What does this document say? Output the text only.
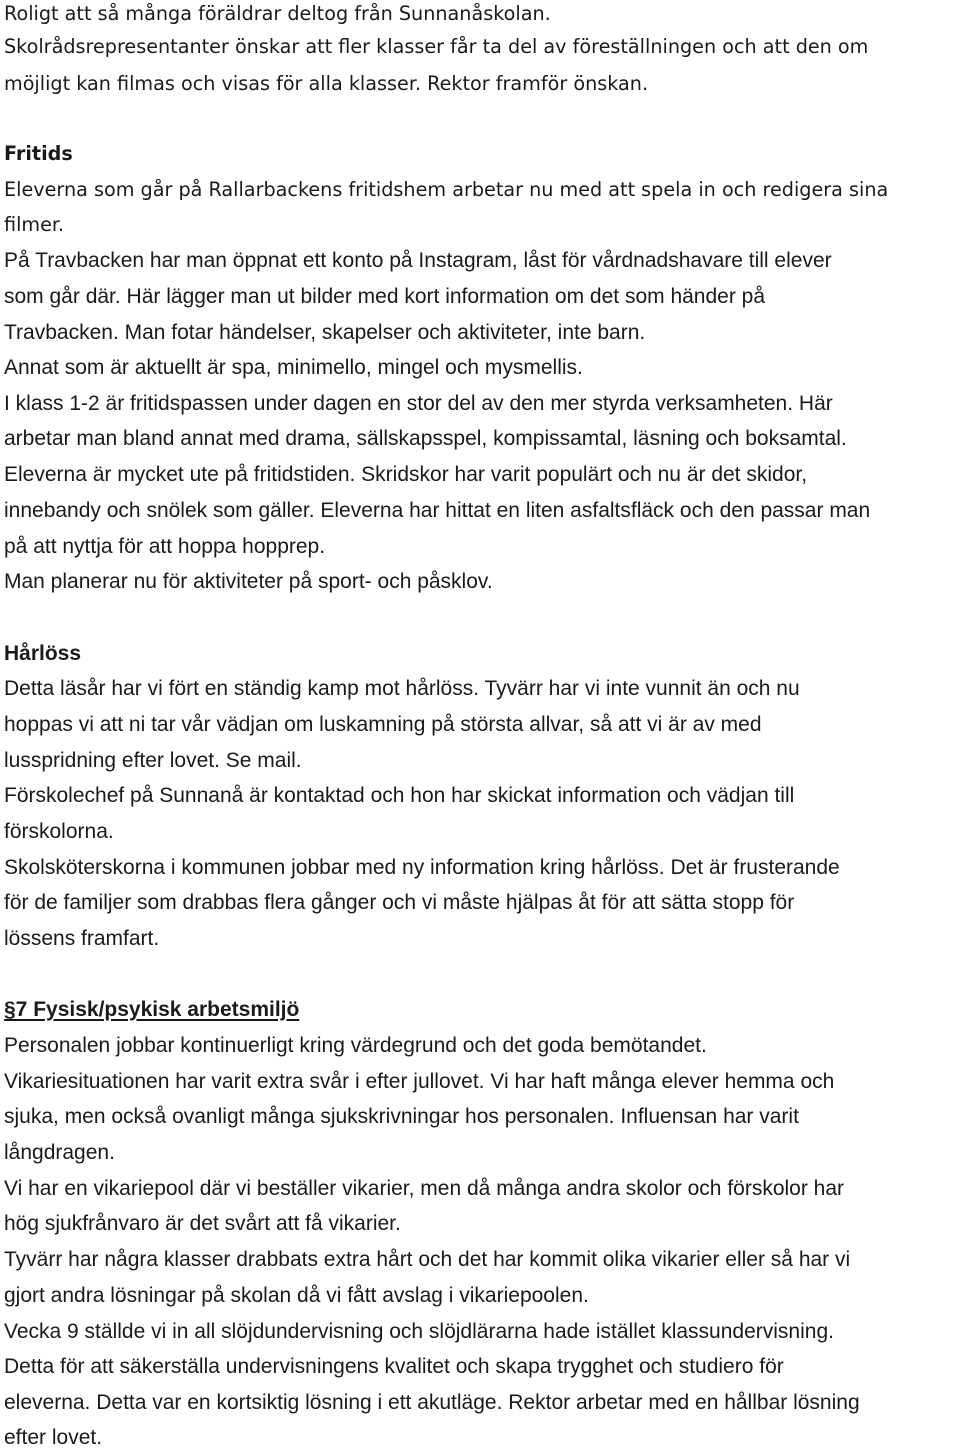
Roligt att så många föräldrar deltog från Sunnanåskolan.
Skolrådsrepresentanter önskar att fler klasser får ta del av föreställningen och att den om
möjligt kan filmas och visas för alla klasser. Rektor framför önskan.
Fritids
Eleverna som går på Rallarbackens fritidshem arbetar nu med att spela in och redigera sina
filmer.
På Travbacken har man öppnat ett konto på Instagram, låst för vårdnadshavare till elever
som går där. Här lägger man ut bilder med kort information om det som händer på
Travbacken. Man fotar händelser, skapelser och aktiviteter, inte barn.
Annat som är aktuellt är spa, minimello, mingel och mysmellis.
I klass 1-2 är fritidspassen under dagen en stor del av den mer styrda verksamheten. Här
arbetar man bland annat med drama, sällskapsspel, kompissamtal, läsning och boksamtal.
Eleverna är mycket ute på fritidstiden. Skridskor har varit populärt och nu är det skidor,
innebandy och snölek som gäller. Eleverna har hittat en liten asfaltsfläck och den passar man
på att nyttja för att hoppa hopprep.
Man planerar nu för aktiviteter på sport- och påsklov.
Hårlöss
Detta läsår har vi fört en ständig kamp mot hårlöss. Tyvärr har vi inte vunnit än och nu
hoppas vi att ni tar vår vädjan om luskamning på största allvar, så att vi är av med
lusspridning efter lovet. Se mail.
Förskolechef på Sunnanå är kontaktad och hon har skickat information och vädjan till
förskolorna.
Skolsköterskorna i kommunen jobbar med ny information kring hårlöss. Det är frusterande
för de familjer som drabbas flera gånger och vi måste hjälpas åt för att sätta stopp för
lössens framfart.
§7 Fysisk/psykisk arbetsmiljö
Personalen jobbar kontinuerligt kring värdegrund och det goda bemötandet.
Vikariesituationen har varit extra svår i efter jullovet. Vi har haft många elever hemma och
sjuka, men också ovanligt många sjukskrivningar hos personalen. Influensan har varit
långdragen.
Vi har en vikariepool där vi beställer vikarier, men då många andra skolor och förskolor har
hög sjukfrånvaro är det svårt att få vikarier.
Tyvärr har några klasser drabbats extra hårt och det har kommit olika vikarier eller så har vi
gjort andra lösningar på skolan då vi fått avslag i vikariepoolen.
Vecka 9 ställde vi in all slöjdundervisning och slöjdlärarna hade istället klassundervisning.
Detta för att säkerställa undervisningens kvalitet och skapa trygghet och studiero för
eleverna. Detta var en kortsiktig lösning i ett akutläge. Rektor arbetar med en hållbar lösning
efter lovet.
